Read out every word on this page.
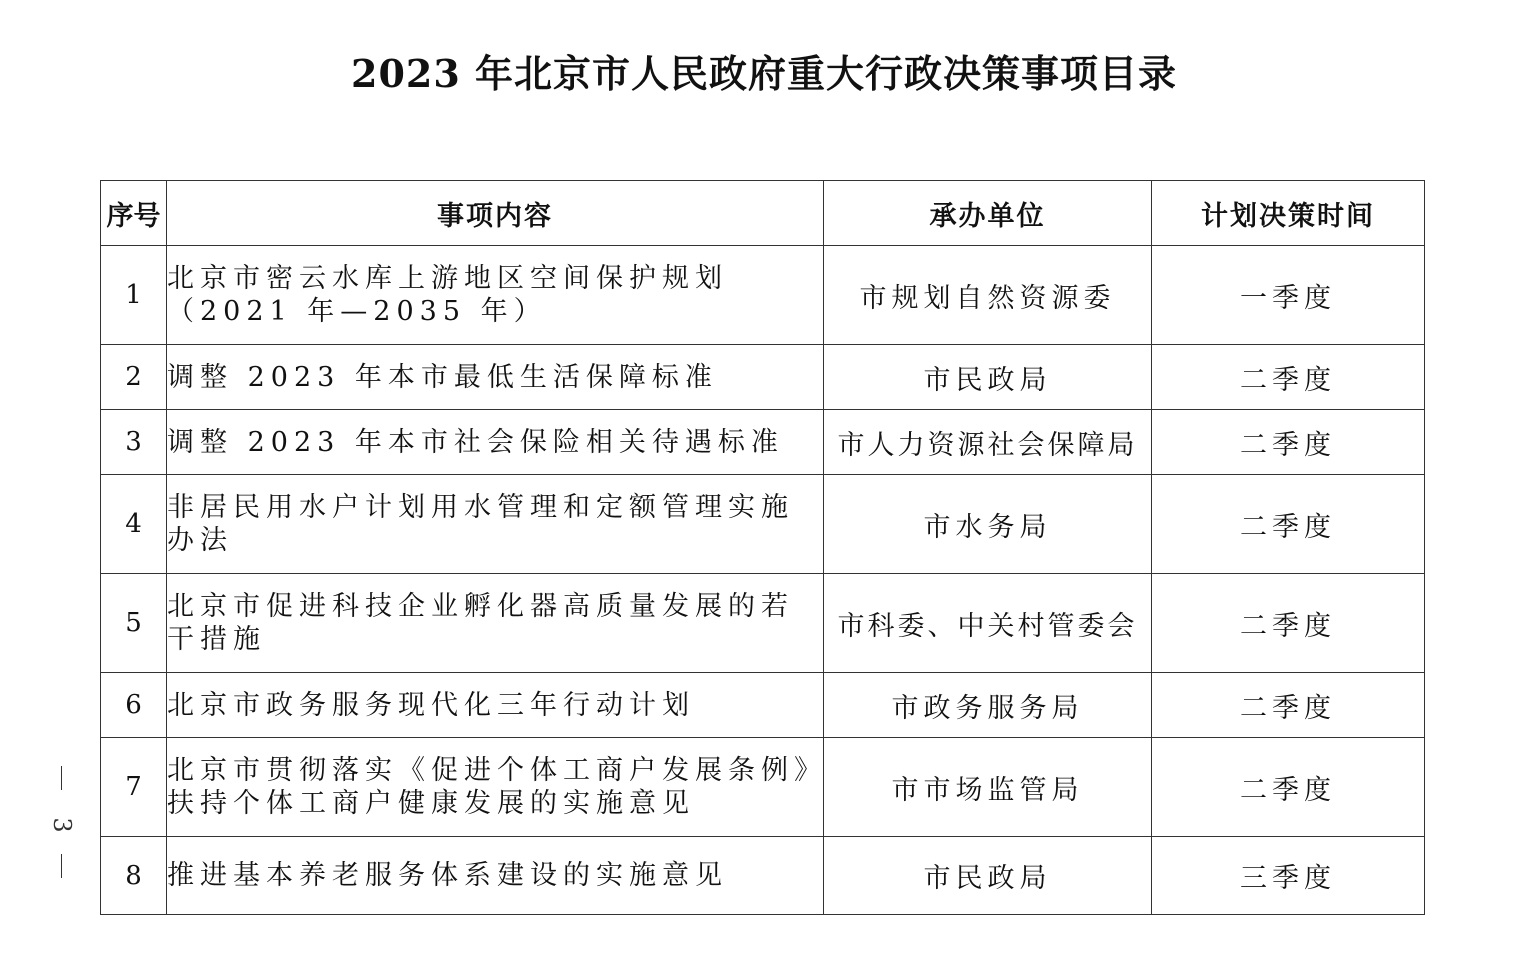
2023 年北京市人民政府重大行政决策事项目录
序号	事项内容	承办单位	计划决策时间
1	北京市密云水库上游地区空间保护规划（2021 年—2035 年）	市规划自然资源委	一季度
2	调整 2023 年本市最低生活保障标准	市民政局	二季度
3	调整 2023 年本市社会保险相关待遇标准	市人力资源社会保障局	二季度
4	非居民用水户计划用水管理和定额管理实施办法	市水务局	二季度
5	北京市促进科技企业孵化器高质量发展的若干措施	市科委、中关村管委会	二季度
6	北京市政务服务现代化三年行动计划	市政务服务局	二季度
7	北京市贯彻落实《促进个体工商户发展条例》扶持个体工商户健康发展的实施意见	市市场监管局	二季度
8	推进基本养老服务体系建设的实施意见	市民政局	三季度
3
